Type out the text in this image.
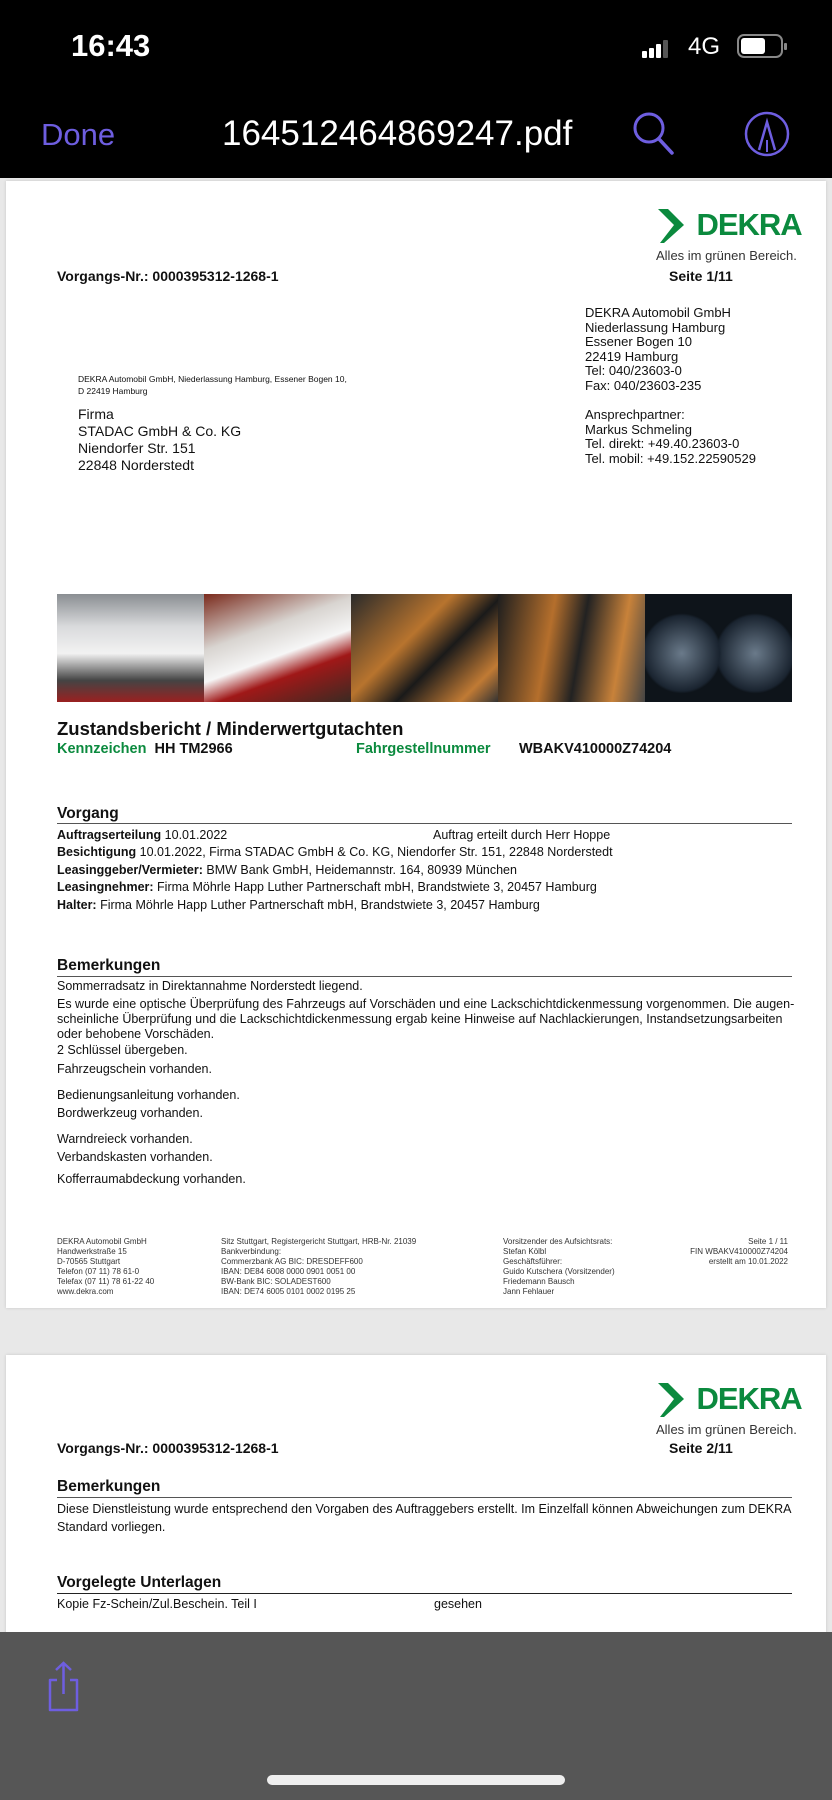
16:43	4G
Done	164512464869247.pdf
DEKRA
Alles im grünen Bereich.
Vorgangs-Nr.: 0000395312-1268-1	Seite 1/11
DEKRA Automobil GmbH
Niederlassung Hamburg
Essener Bogen 10
22419 Hamburg
Tel: 040/23603-0
Fax: 040/23603-235
Ansprechpartner:
Markus Schmeling
Tel. direkt: +49.40.23603-0
Tel. mobil: +49.152.22590529
DEKRA Automobil GmbH, Niederlassung Hamburg, Essener Bogen 10,
D 22419 Hamburg
Firma
STADAC GmbH & Co. KG
Niendorfer Str. 151
22848 Norderstedt
Zustandsbericht / Minderwertgutachten
Kennzeichen HH TM2966	Fahrgestellnummer WBAKV410000Z74204
Vorgang
Auftragserteilung 10.01.2022	Auftrag erteilt durch Herr Hoppe
Besichtigung 10.01.2022, Firma STADAC GmbH & Co. KG, Niendorfer Str. 151, 22848 Norderstedt
Leasinggeber/Vermieter: BMW Bank GmbH, Heidemannstr. 164, 80939 München
Leasingnehmer: Firma Möhrle Happ Luther Partnerschaft mbH, Brandstwiete 3, 20457 Hamburg
Halter: Firma Möhrle Happ Luther Partnerschaft mbH, Brandstwiete 3, 20457 Hamburg
Bemerkungen
Sommerradsatz in Direktannahme Norderstedt liegend.
Es wurde eine optische Überprüfung des Fahrzeugs auf Vorschäden und eine Lackschichtdickenmessung vorgenommen. Die augen-
scheinliche Überprüfung und die Lackschichtdickenmessung ergab keine Hinweise auf Nachlackierungen, Instandsetzungsarbeiten
oder behobene Vorschäden.
2 Schlüssel übergeben.
Fahrzeugschein vorhanden.
Bedienungsanleitung vorhanden.
Bordwerkzeug vorhanden.
Warndreieck vorhanden.
Verbandskasten vorhanden.
Kofferraumabdeckung vorhanden.
DEKRA Automobil GmbH
Handwerkstraße 15
D-70565 Stuttgart
Telefon (07 11) 78 61-0
Telefax (07 11) 78 61-22 40
www.dekra.com
Sitz Stuttgart, Registergericht Stuttgart, HRB-Nr. 21039
Bankverbindung:
Commerzbank AG BIC: DRESDEFF600
IBAN: DE84 6008 0000 0901 0051 00
BW-Bank BIC: SOLADEST600
IBAN: DE74 6005 0101 0002 0195 25
Vorsitzender des Aufsichtsrats:
Stefan Kölbl
Geschäftsführer:
Guido Kutschera (Vorsitzender)
Friedemann Bausch
Jann Fehlauer
Seite 1 / 11
FIN WBAKV410000Z74204
erstellt am 10.01.2022
DEKRA
Alles im grünen Bereich.
Vorgangs-Nr.: 0000395312-1268-1	Seite 2/11
Bemerkungen
Diese Dienstleistung wurde entsprechend den Vorgaben des Auftraggebers erstellt. Im Einzelfall können Abweichungen zum DEKRA
Standard vorliegen.
Vorgelegte Unterlagen
Kopie Fz-Schein/Zul.Beschein. Teil I	gesehen
